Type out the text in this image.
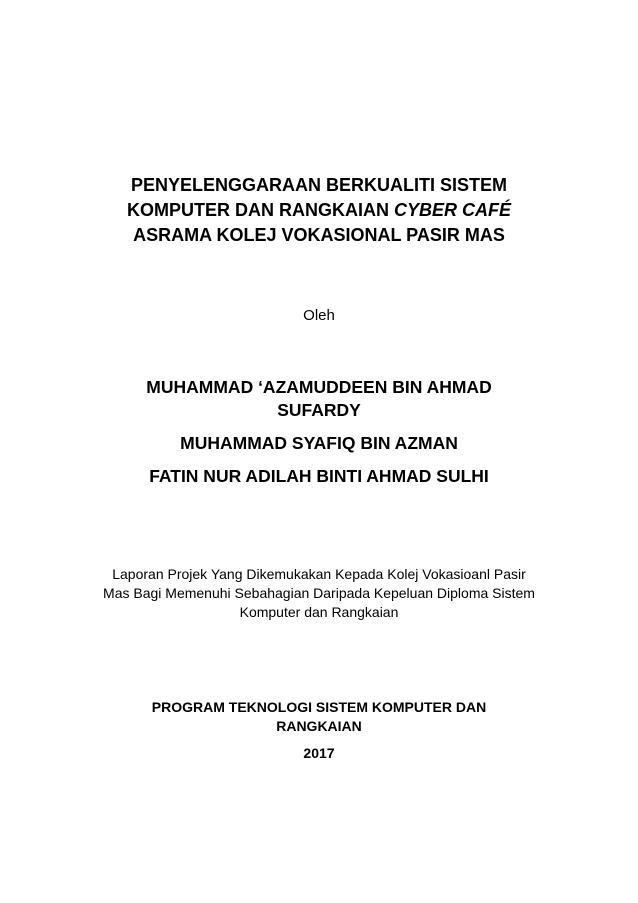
PENYELENGGARAAN BERKUALITI SISTEM
KOMPUTER DAN RANGKAIAN CYBER CAFÉ
ASRAMA KOLEJ VOKASIONAL PASIR MAS
Oleh
MUHAMMAD ‘AZAMUDDEEN BIN AHMAD
SUFARDY
MUHAMMAD SYAFIQ BIN AZMAN
FATIN NUR ADILAH BINTI AHMAD SULHI
Laporan Projek Yang Dikemukakan Kepada Kolej Vokasioanl Pasir
Mas Bagi Memenuhi Sebahagian Daripada Kepeluan Diploma Sistem
Komputer dan Rangkaian
PROGRAM TEKNOLOGI SISTEM KOMPUTER DAN
RANGKAIAN
2017
